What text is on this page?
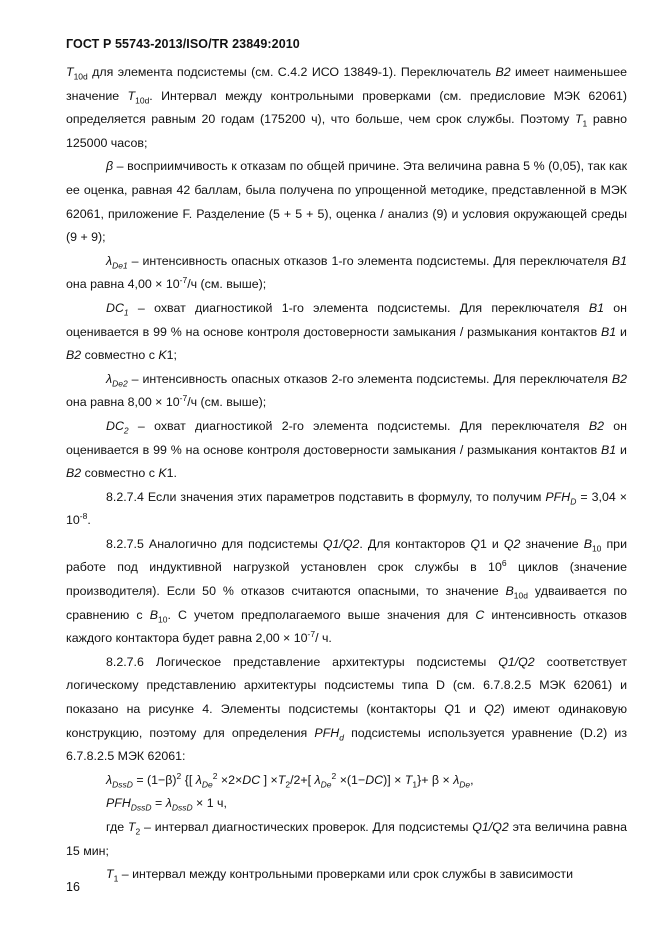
ГОСТ Р 55743-2013/ISO/TR 23849:2010

$T_{10d}$ для элемента подсистемы (см. С.4.2 ИСО 13849-1). Переключатель B2 имеет наименьшее значение $T_{10d}$. Интервал между контрольными проверками (см. предисловие МЭК 62061) определяется равным 20 годам (175200 ч), что больше, чем срок службы. Поэтому $T_1$ равно 125000 часов;

β – восприимчивость к отказам по общей причине. Эта величина равна 5 % (0,05), так как ее оценка, равная 42 баллам, была получена по упрощенной методике, представленной в МЭК 62061, приложение F. Разделение (5 + 5 + 5), оценка / анализ (9) и условия окружающей среды (9 + 9);

$\lambda_{De1}$ – интенсивность опасных отказов 1-го элемента подсистемы. Для переключателя B1 она равна $4,00 \times 10^{-7}/ч$ (см. выше);

$DC_1$ – охват диагностикой 1-го элемента подсистемы. Для переключателя B1 он оценивается в 99 % на основе контроля достоверности замыкания / размыкания контактов B1 и B2 совместно с K1;

$\lambda_{De2}$ – интенсивность опасных отказов 2-го элемента подсистемы. Для переключателя B2 она равна $8,00 \times 10^{-7}/ч$ (см. выше);

$DC_2$ – охват диагностикой 2-го элемента подсистемы. Для переключателя B2 он оценивается в 99 % на основе контроля достоверности замыкания / размыкания контактов B1 и B2 совместно с K1.

8.2.7.4 Если значения этих параметров подставить в формулу, то получим $PFH_D = 3,04 \times 10^{-8}$.

8.2.7.5 Аналогично для подсистемы Q1/Q2. Для контакторов Q1 и Q2 значение $B_{10}$ при работе под индуктивной нагрузкой установлен срок службы в $10^6$ циклов (значение производителя). Если 50 % отказов считаются опасными, то значение $B_{10d}$ удваивается по сравнению с $B_{10}$. С учетом предполагаемого выше значения для C интенсивность отказов каждого контактора будет равна $2,00 \times 10^{-7}/$ ч.

8.2.7.6 Логическое представление архитектуры подсистемы Q1/Q2 соответствует логическому представлению архитектуры подсистемы типа D (см. 6.7.8.2.5 МЭК 62061) и показано на рисунке 4. Элементы подсистемы (контакторы Q1 и Q2) имеют одинаковую конструкцию, поэтому для определения $PFH_d$ подсистемы используется уравнение (D.2) из 6.7.8.2.5 МЭК 62061:

$\lambda_{DssD} = (1-\beta)^2$ {[ $\lambda_{De}^2 \times 2\times DC$ ] $\times T_2/2+$[ $\lambda_{De}^2 \times(1-DC)] \times T_1\}+ \beta \times \lambda_{De}$,

$PFH_{DssD} = \lambda_{DssD} \times 1$ ч,

где $T_2$ – интервал диагностических проверок. Для подсистемы Q1/Q2 эта величина равна 15 мин;

$T_1$ – интервал между контрольными проверками или срок службы в зависимости

16
